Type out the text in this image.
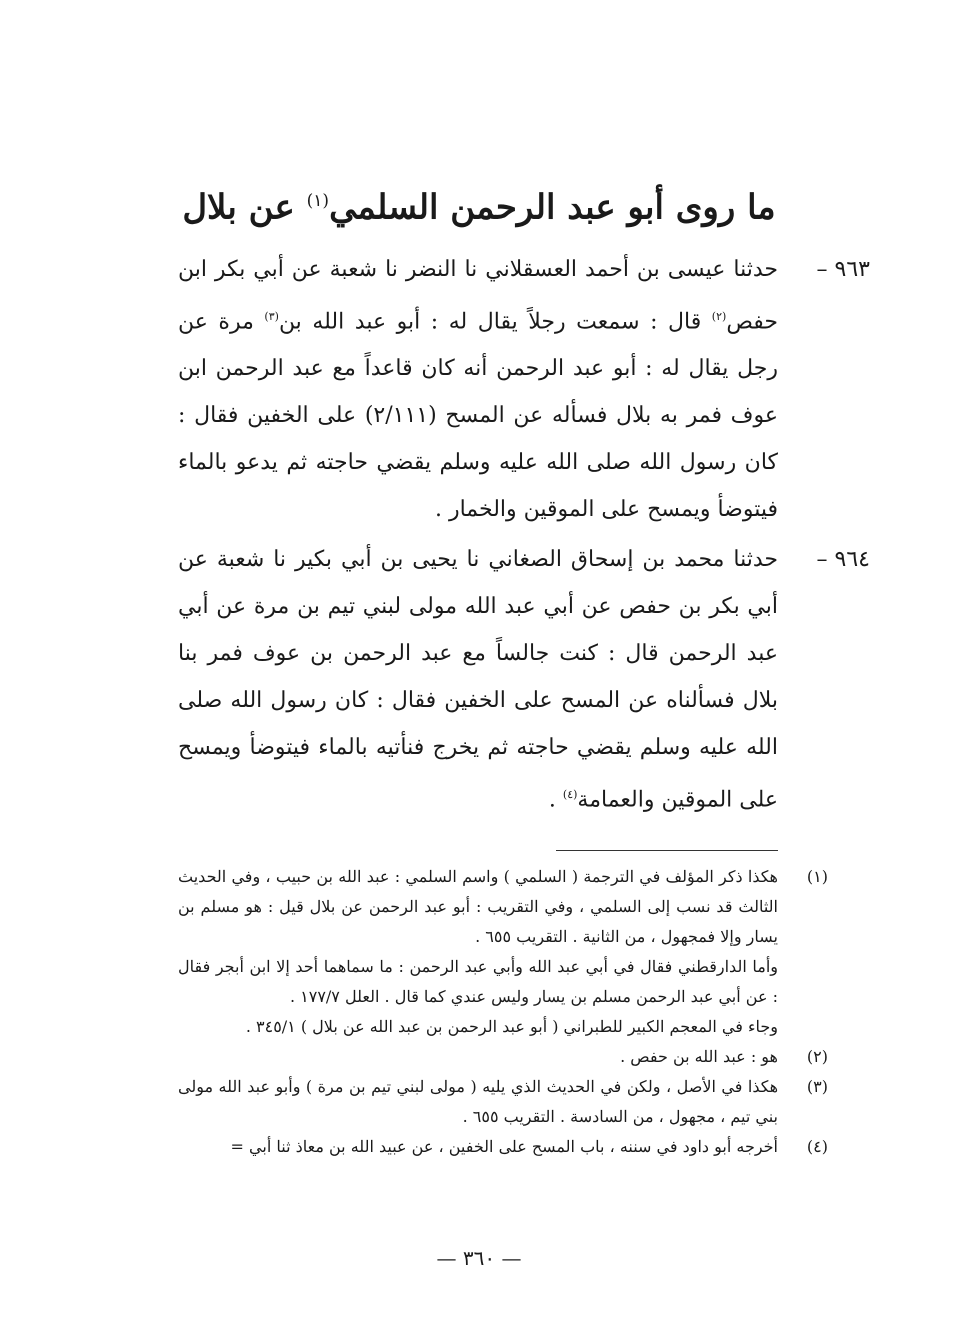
ما روى أبو عبد الرحمن السلمي$^{(١)}$ عن بلال
٩٦٣ –
حدثنا عيسى بن أحمد العسقلاني نا النضر نا شعبة عن أبي بكر ابن حفص$^{(٢)}$ قال : سمعت رجلاً يقال له : أبو عبد الله بن$^{(٣)}$ مرة عن رجل يقال له : أبو عبد الرحمن أنه كان قاعداً مع عبد الرحمن ابن عوف فمر به بلال فسأله عن المسح (٢/١١١) على الخفين فقال : كان رسول الله صلى الله عليه وسلم يقضي حاجته ثم يدعو بالماء فيتوضأ ويمسح على الموقين والخمار .
٩٦٤ –
حدثنا محمد بن إسحاق الصغاني نا يحيى بن أبي بكير نا شعبة عن أبي بكر بن حفص عن أبي عبد الله مولى لبني تيم بن مرة عن أبي عبد الرحمن قال : كنت جالساً مع عبد الرحمن بن عوف فمر بنا بلال فسألناه عن المسح على الخفين فقال : كان رسول الله صلى الله عليه وسلم يقضي حاجته ثم يخرج فنأتيه بالماء فيتوضأ ويمسح على الموقين والعمامة$^{(٤)}$ .
(١)
هكذا ذكر المؤلف في الترجمة ( السلمي ) واسم السلمي : عبد الله بن حبيب ، وفي الحديث الثالث قد نسب إلى السلمي ، وفي التقريب : أبو عبد الرحمن عن بلال قيل : هو مسلم بن يسار وإلا فمجهول ، من الثانية . التقريب ٦٥٥ .
وأما الدارقطني فقال في أبي عبد الله وأبي عبد الرحمن : ما سماهما أحد إلا ابن أبجر فقال : عن أبي عبد الرحمن مسلم بن يسار وليس عندي كما قال . العلل ١٧٧/٧ .
وجاء في المعجم الكبير للطبراني ( أبو عبد الرحمن بن عبد الله عن بلال ) ٣٤٥/١ .
(٢)
هو : عبد الله بن حفص .
(٣)
هكذا في الأصل ، ولكن في الحديث الذي يليه ( مولى لبني تيم بن مرة ) وأبو عبد الله مولى بني تيم ، مجهول ، من السادسة . التقريب ٦٥٥ .
(٤)
أخرجه أبو داود في سننه ، باب المسح على الخفين ، عن عبيد الله بن معاذ ثنا أبي =
— ٣٦٠ —
